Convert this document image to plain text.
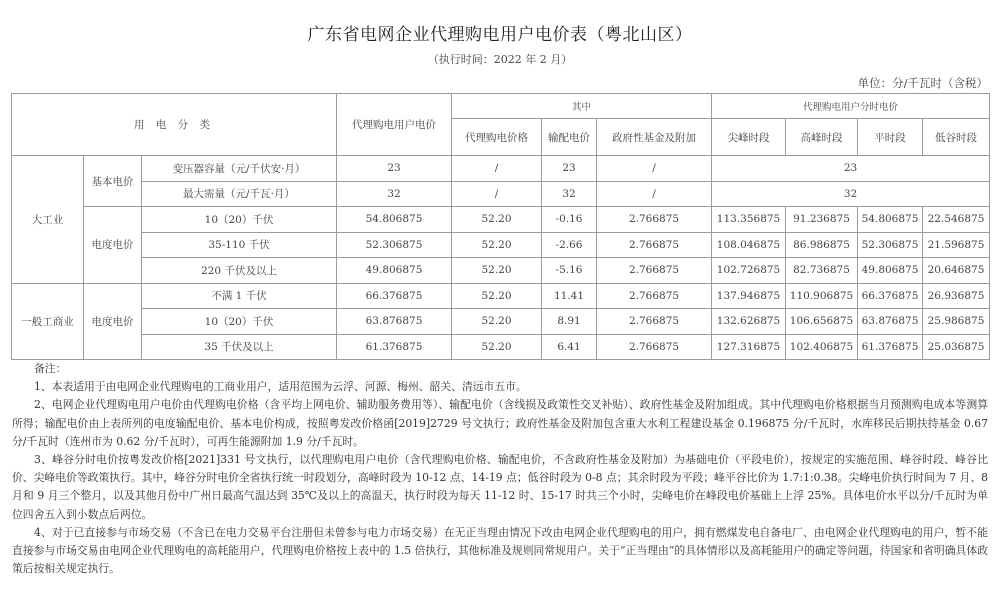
广东省电网企业代理购电用户电价表（粤北山区）
（执行时间：2022 年 2 月）
单位：分/千瓦时（含税）
用 电 分 类			代理购电用户电价	其中			代理购电用户分时电价			
				代理购电价格	输配电价	政府性基金及附加	尖峰时段	高峰时段	平时段	低谷时段
大工业	基本电价	变压器容量（元/千伏安·月）	23	/	23	/	23			
		最大需量（元/千瓦·月）	32	/	32	/	32			
	电度电价	10（20）千伏	54.806875	52.20	-0.16	2.766875	113.356875	91.236875	54.806875	22.546875
		35-110 千伏	52.306875	52.20	-2.66	2.766875	108.046875	86.986875	52.306875	21.596875
		220 千伏及以上	49.806875	52.20	-5.16	2.766875	102.726875	82.736875	49.806875	20.646875
一般工商业	电度电价	不满 1 千伏	66.376875	52.20	11.41	2.766875	137.946875	110.906875	66.376875	26.936875
		10（20）千伏	63.876875	52.20	8.91	2.766875	132.626875	106.656875	63.876875	25.986875
		35 千伏及以上	61.376875	52.20	6.41	2.766875	127.316875	102.406875	61.376875	25.036875
备注：
1、本表适用于由电网企业代理购电的工商业用户，适用范围为云浮、河源、梅州、韶关、清远市五市。
2、电网企业代理购电用户电价由代理购电价格（含平均上网电价、辅助服务费用等）、输配电价（含线损及政策性交叉补贴）、政府性基金及附加组成。其中代理购电价格根据当月预测购电成本等测算所得；输配电价由上表所列的电度输配电价、基本电价构成，按照粤发改价格函[2019]2729 号文执行；政府性基金及附加包含重大水利工程建设基金 0.196875 分/千瓦时，水库移民后期扶持基金 0.67 分/千瓦时（连州市为 0.62 分/千瓦时），可再生能源附加 1.9 分/千瓦时。
3、峰谷分时电价按粤发改价格[2021]331 号文执行，以代理购电用户电价（含代理购电价格、输配电价，不含政府性基金及附加）为基础电价（平段电价），按规定的实施范围、峰谷时段、峰谷比价、尖峰电价等政策执行。其中，峰谷分时电价全省执行统一时段划分，高峰时段为 10-12 点、14-19 点；低谷时段为 0-8 点；其余时段为平段；峰平谷比价为 1.7:1:0.38。尖峰电价执行时间为 7 月、8 月和 9 月三个整月，以及其他月份中广州日最高气温达到 35℃及以上的高温天，执行时段为每天 11-12 时、15-17 时共三个小时，尖峰电价在峰段电价基础上上浮 25%。具体电价水平以分/千瓦时为单位四舍五入到小数点后两位。
4、对于已直接参与市场交易（不含已在电力交易平台注册但未曾参与电力市场交易）在无正当理由情况下改由电网企业代理购电的用户，拥有燃煤发电自备电厂、由电网企业代理购电的用户，暂不能直接参与市场交易由电网企业代理购电的高耗能用户，代理购电价格按上表中的 1.5 倍执行，其他标准及规则同常规用户。关于“正当理由”的具体情形以及高耗能用户的确定等问题，待国家和省明确具体政策后按相关规定执行。
